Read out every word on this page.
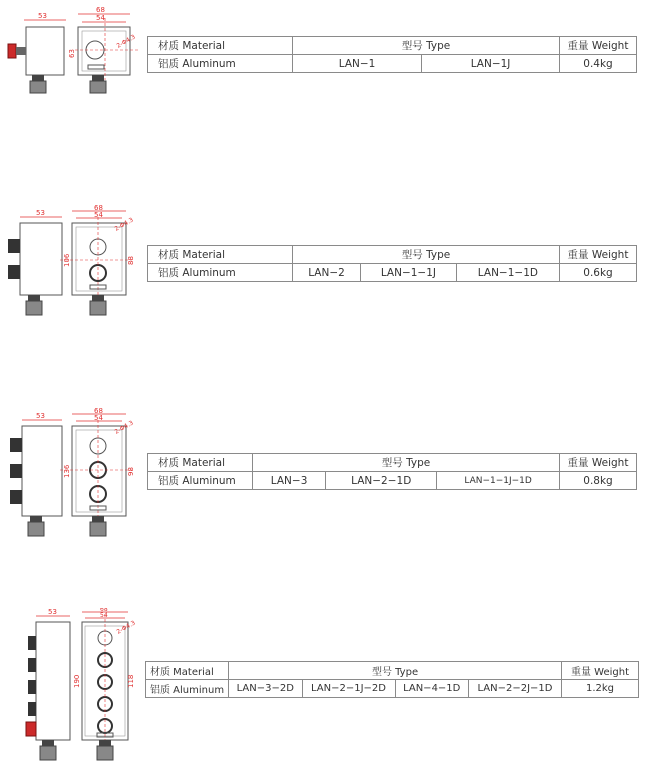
53
68
54
63
2-Φ4.3 材质 Material	型号 Type		重量 Weight
铝质 Aluminum	LAN−1	LAN−1J	0.4kg
53
68
54
106	88
2-Φ4.3
材质 Material	型号 Type			重量 Weight
铝质 Aluminum	LAN−2	LAN−1−1J	LAN−1−1D	0.6kg
53
68
54
136	98
2-Φ4.3
材质 Material	型号 Type			重量 Weight
铝质 Aluminum	LAN−3	LAN−2−1D	LAN−1−1J−1D	0.8kg
53	68
54
190	118
2-Φ4.3
材质 Material	型号 Type				重量 Weight
铝质 Aluminum	LAN−3−2D	LAN−2−1J−2D	LAN−4−1D	LAN−2−2J−1D	1.2kg
